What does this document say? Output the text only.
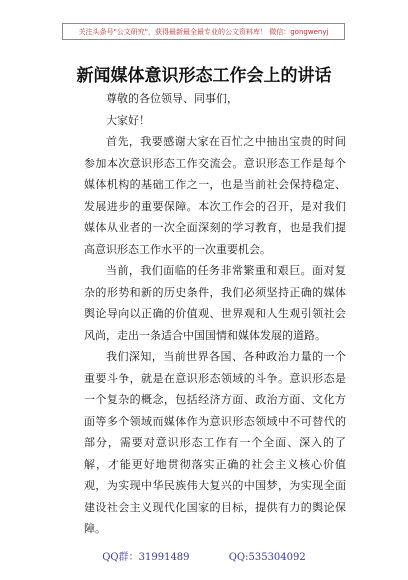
关注头条号"公文研究"，获得最新最全最专业的公文资料库！ 微信：gongwenyj
新闻媒体意识形态工作会上的讲话

尊敬的各位领导、同事们，

大家好！

首先，我要感谢大家在百忙之中抽出宝贵的时间参加本次意识形态工作交流会。意识形态工作是每个媒体机构的基础工作之一，也是当前社会保持稳定、发展进步的重要保障。本次工作会的召开，是对我们媒体从业者的一次全面深刻的学习教育，也是我们提高意识形态工作水平的一次重要机会。

当前，我们面临的任务非常繁重和艰巨。面对复杂的形势和新的历史条件，我们必须坚持正确的媒体舆论导向以正确的价值观、世界观和人生观引领社会风尚，走出一条适合中国国情和媒体发展的道路。

我们深知，当前世界各国、各种政治力量的一个重要斗争，就是在意识形态领域的斗争。意识形态是一个复杂的概念，包括经济方面、政治方面、文化方面等多个领域而媒体作为意识形态领域中不可替代的部分，需要对意识形态工作有一个全面、深入的了解，才能更好地贯彻落实正确的社会主义核心价值观，为实现中华民族伟大复兴的中国梦，为实现全面建设社会主义现代化国家的目标，提供有力的舆论保障。

QQ群：31991489	QQ:535304092
